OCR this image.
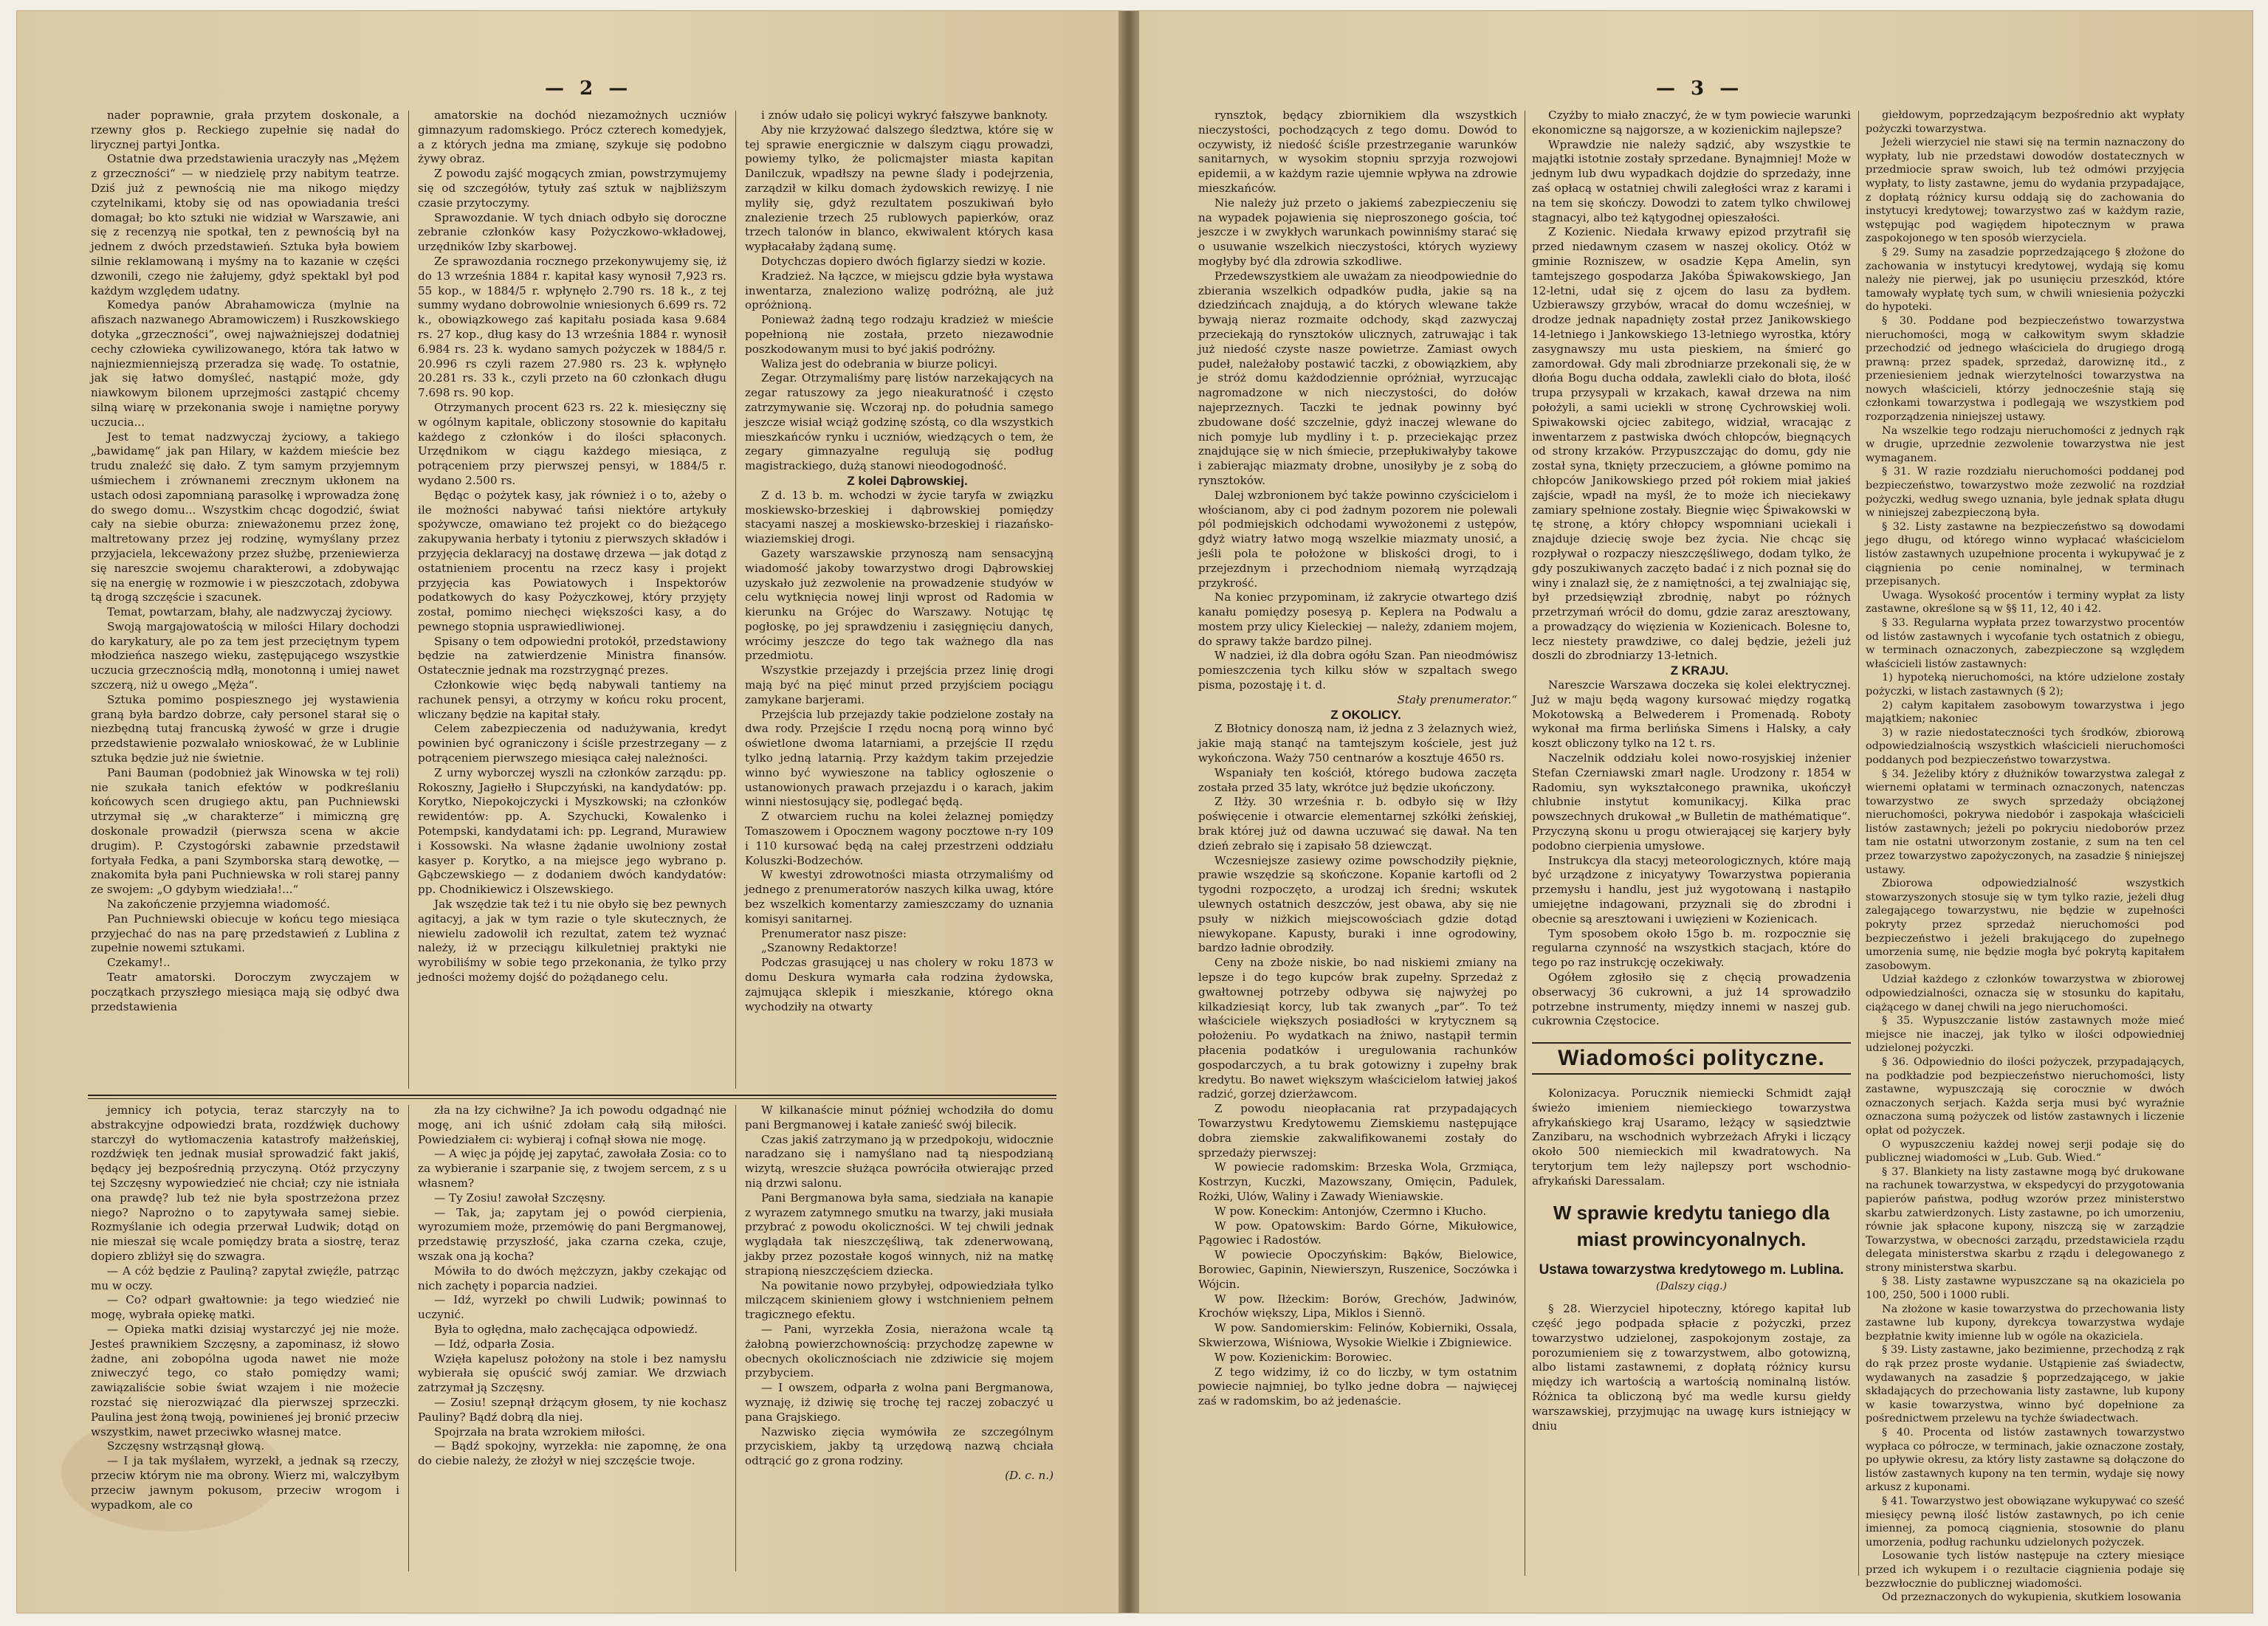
— 2 —

nader poprawnie, grała przytem doskonale, a rzewny głos p. Reckiego zupełnie się nadał do lirycznej partyi Jontka.

Ostatnie dwa przedstawienia uraczyły nas „Mężem z grzeczności“ — w niedzielę przy nabitym teatrze. Dziś już z pewnością nie ma nikogo między czytelnikami, ktoby się od nas opowiadania treści domagał; bo kto sztuki nie widział w Warszawie, ani się z recenzyą nie spotkał, ten z pewnością był na jednem z dwóch przedstawień. Sztuka była bowiem silnie reklamowaną i myśmy na to kazanie w części dzwonili, czego nie żałujemy, gdyż spektakl był pod każdym względem udatny.

Komedya panów Abrahamowicza (mylnie na afiszach nazwanego Abramowiczem) i Ruszkowskiego dotyka „grzeczności“, owej najważniejszej dodatniej cechy człowieka cywilizowanego, która tak łatwo w najniezmienniejszą przeradza się wadę. To ostatnie, jak się łatwo domyśleć, nastąpić może, gdy niawkowym bilonem uprzejmości zastąpić chcemy silną wiarę w przekonania swoje i namiętne porywy uczucia...

Jest to temat nadzwyczaj życiowy, a takiego „bawidamę“ jak pan Hilary, w każdem mieście bez trudu znaleźć się dało. Z tym samym przyjemnym uśmiechem i zrównanemi zrecznym ukłonem na ustach odosi zapomnianą parasolkę i wprowadza żonę do swego domu... Wszystkim chcąc dogodzić, świat cały na siebie oburza: znieważonemu przez żonę, maltretowany przez jej rodzinę, wymyślany przez przyjaciela, lekceważony przez służbę, przeniewierza się nareszcie swojemu charakterowi, a zdobywając się na energię w rozmowie i w pieszczotach, zdobywa tą drogą szczęście i szacunek.

Temat, powtarzam, błahy, ale nadzwyczaj życiowy.

Swoją margajowatością w milości Hilary dochodzi do karykatury, ale po za tem jest przeciętnym typem młodzieńca naszego wieku, zastępującego wszystkie uczucia grzecznością mdłą, monotonną i umiej nawet szczerą, niż u owego „Męża“.

Sztuka pomimo pospiesznego jej wystawienia graną była bardzo dobrze, cały personel starał się o niezbędną tutaj francuską żywość w grze i drugie przedstawienie pozwalało wnioskować, że w Lublinie sztuka będzie już nie świetnie.

Pani Bauman (podobnież jak Winowska w tej roli) nie szukała tanich efektów w podkreślaniu końcowych scen drugiego aktu, pan Puchniewski utrzymał się „w charakterze“ i mimiczną grę doskonale prowadził (pierwsza scena w akcie drugim). P. Czystogórski zabawnie przedstawił fortyała Fedka, a pani Szymborska starą dewotkę, — znakomita była pani Puchniewska w roli starej panny ze swojem: „O gdybym wiedziała!...“

Na zakończenie przyjemna wiadomość.

Pan Puchniewski obiecuje w końcu tego miesiąca przyjechać do nas na parę przedstawień z Lublina z zupełnie nowemi sztukami.

Czekamy!..

Teatr amatorski. Doroczym zwyczajem w początkach przyszłego miesiąca mają się odbyć dwa przedstawienia

amatorskie na dochód niezamożnych uczniów gimnazyum radomskiego. Prócz czterech komedyjek, a z których jedna ma zmianę, szykuje się podobno żywy obraz.

Z powodu zajść mogących zmian, powstrzymujemy się od szczegółów, tytuły zaś sztuk w najbliższym czasie przytoczymy.

Sprawozdanie. W tych dniach odbyło się doroczne zebranie członków kasy Pożyczkowo-wkładowej, urzędników Izby skarbowej.

Ze sprawozdania rocznego przekonywujemy się, iż do 13 września 1884 r. kapitał kasy wynosił 7,923 rs. 55 kop., w 1884/5 r. wpłynęło 2.790 rs. 18 k., z tej summy wydano dobrowolnie wniesionych 6.699 rs. 72 k., obowiązkowego zaś kapitału posiada kasa 9.684 rs. 27 kop., dług kasy do 13 września 1884 r. wynosił 6.984 rs. 23 k. wydano samych pożyczek w 1884/5 r. 20.996 rs czyli razem 27.980 rs. 23 k. wpłynęło 20.281 rs. 33 k., czyli przeto na 60 członkach długu 7.698 rs. 90 kop.

Otrzymanych procent 623 rs. 22 k. miesięczny się w ogólnym kapitale, obliczony stosownie do kapitału każdego z członków i do ilości spłaconych. Urzędnikom w ciągu każdego miesiąca, z potrąceniem przy pierwszej pensyi, w 1884/5 r. wydano 2.500 rs.

Będąc o pożytek kasy, jak również i o to, ażeby o ile możności nabywać tańsi niektóre artykuły spożywcze, omawiano też projekt co do bieżącego zakupywania herbaty i tytoniu z pierwszych składów i przyjęcia deklaracyj na dostawę drzewa — jak dotąd z ostatnieniem procentu na rzecz kasy i projekt przyjęcia kas Powiatowych i Inspektorów podatkowych do kasy Pożyczkowej, który przyjęty został, pomimo niechęci większości kasy, a do pewnego stopnia usprawiedliwionej.

Spisany o tem odpowiedni protokół, przedstawiony będzie na zatwierdzenie Ministra finansów. Ostatecznie jednak ma rozstrzygnąć prezes.

Członkowie więc będą nabywali tantiemy na rachunek pensyi, a otrzymy w końcu roku procent, wliczany będzie na kapitał stały.

Celem zabezpieczenia od nadużywania, kredyt powinien być ograniczony i ściśle przestrzegany — z potrąceniem pierwszego miesiąca całej należności.

Z urny wyborczej wyszli na członków zarządu: pp. Rokoszny, Jagiełło i Słupczyński, na kandydatów: pp. Korytko, Niepokojczycki i Myszkowski; na członków rewidentów: pp. A. Szychucki, Kowalenko i Potempski, kandydatami ich: pp. Legrand, Murawiew i Kossowski. Na własne żądanie uwolniony został kasyer p. Korytko, a na miejsce jego wybrano p. Gąbczewskiego — z dodaniem dwóch kandydatów: pp. Chodnikiewicz i Olszewskiego.

Jak wszędzie tak też i tu nie obyło się bez pewnych agitacyj, a jak w tym razie o tyle skutecznych, że niewielu zadowolił ich rezultat, zatem też wyznać należy, iż w przeciągu kilkuletniej praktyki nie wyrobiliśmy w sobie tego przekonania, że tylko przy jedności możemy dojść do pożądanego celu.

i znów udało się policyi wykryć fałszywe banknoty.

Aby nie krzyżować dalszego śledztwa, które się w tej sprawie energicznie w dalszym ciągu prowadzi, powiemy tylko, że policmajster miasta kapitan Danilczuk, wpadłszy na pewne ślady i podejrzenia, zarządził w kilku domach żydowskich rewizyę. I nie myliły się, gdyż rezultatem poszukiwań było znalezienie trzech 25 rublowych papierków, oraz trzech talonów in blanco, ekwiwalent których kasa wypłacałaby żądaną sumę.

Dotychczas dopiero dwóch figlarzy siedzi w kozie.

Kradzież. Na łączce, w miejscu gdzie była wystawa inwentarza, znaleziono walizę podróżną, ale już opróżnioną.

Ponieważ żadną tego rodzaju kradzież w mieście popełnioną nie została, przeto niezawodnie poszkodowanym musi to być jakiś podróżny.

Waliza jest do odebrania w biurze policyi.

Zegar. Otrzymaliśmy parę listów narzekających na zegar ratuszowy za jego nieakuratność i często zatrzymywanie się. Wczoraj np. do południa samego jeszcze wisiał wciąż godzinę szóstą, co dla wszystkich mieszkańców rynku i uczniów, wiedzących o tem, że zegary gimnazyalne regulują się podług magistrackiego, dużą stanowi nieodogodność.

Z kolei Dąbrowskiej.

Z d. 13 b. m. wchodzi w życie taryfa w związku moskiewsko-brzeskiej i dąbrowskiej pomiędzy stacyami naszej a moskiewsko-brzeskiej i riazańsko-wiaziemskiej drogi.

Gazety warszawskie przynoszą nam sensacyjną wiadomość jakoby towarzystwo drogi Dąbrowskiej uzyskało już zezwolenie na prowadzenie studyów w celu wytknięcia nowej linji wprost od Radomia w kierunku na Grójec do Warszawy. Notując tę pogłoskę, po jej sprawdzeniu i zasięgnięciu danych, wrócimy jeszcze do tego tak ważnego dla nas przedmiotu.

Wszystkie przejazdy i przejścia przez linię drogi mają być na pięć minut przed przyjściem pociągu zamykane barjerami.

Przejścia lub przejazdy takie podzielone zostały na dwa rody. Przejście I rzędu nocną porą winno być oświetlone dwoma latarniami, a przejście II rzędu tylko jedną latarnią. Przy każdym takim przejedzie winno być wywieszone na tablicy ogłoszenie o ustanowionych prawach przejazdu i o karach, jakim winni niestosujący się, podlegać będą.

Z otwarciem ruchu na kolei żelaznej pomiędzy Tomaszowem i Opocznem wagony pocztowe n-ry 109 i 110 kursować będą na całej przestrzeni oddziału Koluszki-Bodzechów.

W kwestyi zdrowotności miasta otrzymaliśmy od jednego z prenumeratorów naszych kilka uwag, które bez wszelkich komentarzy zamieszczamy do uznania komisyi sanitarnej.

Prenumerator nasz pisze:

„Szanowny Redaktorze!

Podczas grasującej u nas cholery w roku 1873 w domu Deskura wymarła cała rodzina żydowska, zajmująca sklepik i mieszkanie, którego okna wychodziły na otwarty

jemnicy ich potycia, teraz starczyły na to abstrakcyjne odpowiedzi brata, rozdźwięk duchowy starczył do wytłomaczenia katastrofy małżeńskiej, rozdźwięk ten jednak musiał sprowadzić fakt jakiś, będący jej bezpośrednią przyczyną. Otóż przyczyny tej Szczęsny wypowiedzieć nie chciał; czy nie istniała ona prawdę? lub też nie była spostrzeżona przez niego? Naprożno o to zapytywała samej siebie. Rozmyślanie ich odegia przerwał Ludwik; dotąd on nie mieszał się wcale pomiędzy brata a siostrę, teraz dopiero zbliżył się do szwagra.

— A cóż będzie z Pauliną? zapytał zwięźle, patrząc mu w oczy.

— Co? odparł gwałtownie: ja tego wiedzieć nie mogę, wybrała opiekę matki.

— Opieka matki dzisiaj wystarczyć jej nie może. Jesteś prawnikiem Szczęsny, a zapominasz, iż słowo żadne, ani zobopólna ugoda nawet nie może zniweczyć tego, co stało pomiędzy wami; zawiązaliście sobie świat wzajem i nie możecie rozstać się nierozwiązać dla pierwszej sprzeczki. Paulina jest żoną twoją, powinieneś jej bronić przeciw wszystkim, nawet przeciwko własnej matce.

Szczęsny wstrząsnął głową.

— I ja tak myślałem, wyrzekł, a jednak są rzeczy, przeciw którym nie ma obrony. Wierz mi, walczyłbym przeciw jawnym pokusom, przeciw wrogom i wypadkom, ale co

zła na łzy cichwiłne? Ja ich powodu odgadnąć nie mogę, ani ich uśnić zdołam całą siłą miłości. Powiedziałem ci: wybieraj i cofnął słowa nie mogę.

— A więc ja pójdę jej zapytać, zawołała Zosia: co to za wybieranie i szarpanie się, z twojem sercem, z s u własnem?

— Ty Zosiu! zawołał Szczęsny.

— Tak, ja; zapytam jej o powód cierpienia, wyrozumiem może, przemówię do pani Bergmanowej, przedstawię przyszłość, jaka czarna czeka, czuje, wszak ona ją kocha?

Mówiła to do dwóch mężczyzn, jakby czekając od nich zachęty i poparcia nadziei.

— Idź, wyrzekł po chwili Ludwik; powinnaś to uczynić.

Była to ogłędna, mało zachęcająca odpowiedź.

— Idź, odparła Zosia.

Wzięła kapelusz położony na stole i bez namysłu wybierała się opuścić swój zamiar. We drzwiach zatrzymał ją Szczęsny.

— Zosiu! szepnął drżącym głosem, ty nie kochasz Pauliny? Bądź dobrą dla niej.

Spojrzała na brata wzrokiem miłości.

— Bądź spokojny, wyrzekła: nie zapomnę, że ona do ciebie należy, że złożył w niej szczęście twoje.

W kilkanaście minut później wchodziła do domu pani Bergmanowej i katałe zanieść swój bilecik.

Czas jakiś zatrzymano ją w przedpokoju, widocznie naradzano się i namyślano nad tą niespodzianą wizytą, wreszcie służąca powróciła otwierając przed nią drzwi salonu.

Pani Bergmanowa była sama, siedziała na kanapie z wyrazem zatymnego smutku na twarzy, jaki musiała przybrać z powodu okoliczności. W tej chwili jednak wyglądała tak nieszczęśliwą, tak zdenerwowaną, jakby przez pozostałe kogoś winnych, niż na matkę strapioną nieszczęściem dziecka.

Na powitanie nowo przybyłej, odpowiedziała tylko milczącem skinieniem głowy i wstchnieniem pełnem tragicznego efektu.

— Pani, wyrzekła Zosia, nierażona wcale tą żałobną powierzchownością: przychodzę zapewne w obecnych okolicznościach nie zdziwicie się mojem przybyciem.

— I owszem, odparła z wolna pani Bergmanowa, wyznaję, iż dziwię się trochę tej raczej zobaczyć u pana Grajskiego.

Nazwisko zięcia wymówiła ze szczególnym przyciskiem, jakby tą urzędową nazwą chciała odtrącić go z grona rodziny.

(D. c. n.)

— 3 —

rynsztok, będący zbiornikiem dla wszystkich nieczystości, pochodzących z tego domu. Dowód to oczywisty, iż niedość ściśle przestrzeganie warunków sanitarnych, w wysokim stopniu sprzyja rozwojowi epidemii, a w każdym razie ujemnie wpływa na zdrowie mieszkańców.

Nie należy już przeto o jakiemś zabezpieczeniu się na wypadek pojawienia się nieproszonego gościa, toć jeszcze i w zwykłych warunkach powinniśmy starać się o usuwanie wszelkich nieczystości, których wyziewy mogłyby być dla zdrowia szkodliwe.

Przedewszystkiem ale uważam za nieodpowiednie do zbierania wszelkich odpadków pudła, jakie są na dziedzińcach znajdują, a do których wlewane także bywają nieraz rozmaite odchody, skąd zazwyczaj przeciekają do rynsztoków ulicznych, zatruwając i tak już niedość czyste nasze powietrze. Zamiast owych pudeł, należałoby postawić taczki, z obowiązkiem, aby je stróż domu każdodziennie opróżniał, wyrzucając nagromadzone w nich nieczystości, do dołów najeprzeznych. Taczki te jednak powinny być zbudowane dość szczelnie, gdyż inaczej wlewane do nich pomyje lub mydliny i t. p. przeciekając przez znajdujące się w nich śmiecie, przepłukiwałyby takowe i zabierając miazmaty drobne, unosiłyby je z sobą do rynsztoków.

Dalej wzbronionem być także powinno czyścicielom i włościanom, aby ci pod żadnym pozorem nie polewali pól podmiejskich odchodami wywożonemi z ustępów, gdyż wiatry łatwo mogą wszelkie miazmaty unosić, a jeśli pola te położone w bliskości drogi, to i przejezdnym i przechodniom niemałą wyrządzają przykrość.

Na koniec przypominam, iż zakrycie otwartego dziś kanału pomiędzy posesyą p. Keplera na Podwalu a mostem przy ulicy Kieleckiej — należy, zdaniem mojem, do sprawy także bardzo pilnej.

W nadziei, iż dla dobra ogółu Szan. Pan nieodmówisz pomieszczenia tych kilku słów w szpaltach swego pisma, pozostaję i t. d.

Stały prenumerator.“

Z OKOLICY.

Z Błotnicy donoszą nam, iż jedna z 3 żelaznych wież, jakie mają stanąć na tamtejszym kościele, jest już wykończona. Waży 750 centnarów a kosztuje 4650 rs.

Wspaniały ten kościół, którego budowa zaczęta została przed 35 laty, wkrótce już będzie ukończony.

Z Iłży. 30 września r. b. odbyło się w Iłży poświęcenie i otwarcie elementarnej szkółki żeńskiej, brak której już od dawna uczuwać się dawał. Na ten dzień zebrało się i zapisało 58 dziewcząt.

Wczesniejsze zasiewy ozime powschodziły pięknie, prawie wszędzie są skończone. Kopanie kartofli od 2 tygodni rozpoczęto, a urodzaj ich średni; wskutek ulewnych ostatnich deszczów, jest obawa, aby się nie psuły w niżkich miejscowościach gdzie dotąd niewykopane. Kapusty, buraki i inne ogrodowiny, bardzo ładnie obrodziły.

Ceny na zboże niskie, bo nad niskiemi zmiany na lepsze i do tego kupców brak zupełny. Sprzedaż z gwałtownej potrzeby odbywa się najwyżej po kilkadziesiąt korcy, lub tak zwanych „par“. To też właściciele większych posiadłości w krytycznem są położeniu. Po wydatkach na żniwo, nastąpił termin płacenia podatków i uregulowania rachunków gospodarczych, a tu brak gotowizny i zupełny brak kredytu. Bo nawet większym właścicielom łatwiej jakoś radzić, gorzej dzierżawcom.

Z powodu nieopłacania rat przypadających Towarzystwu Kredytowemu Ziemskiemu następujące dobra ziemskie zakwalifikowanemi zostały do sprzedaży pierwszej:

W powiecie radomskim: Brzeska Wola, Grzmiąca, Kostrzyn, Kuczki, Mazowszany, Omięcin, Padulek, Rożki, Ulów, Waliny i Zawady Wieniawskie.

W pow. Koneckim: Antonjów, Czermno i Kłucho.

W pow. Opatowskim: Bardo Górne, Mikułowice, Pągowiec i Radostów.

W powiecie Opoczyńskim: Bąków, Bielowice, Borowiec, Gapinin, Niewierszyn, Ruszenice, Soczówka i Wójcin.

W pow. Iłżeckim: Borów, Grechów, Jadwinów, Krochów większy, Lipa, Miklos i Siennö.

W pow. Sandomierskim: Felinów, Kobierniki, Ossala, Skwierzowa, Wiśniowa, Wysokie Wielkie i Zbigniewice.

W pow. Kozienickim: Borowiec.

Z tego widzimy, iż co do liczby, w tym ostatnim powiecie najmniej, bo tylko jedne dobra — najwięcej zaś w radomskim, bo aż jedenaście.

Czyżby to miało znaczyć, że w tym powiecie warunki ekonomiczne są najgorsze, a w kozienickim najlepsze?

Wprawdzie nie należy sądzić, aby wszystkie te majątki istotnie zostały sprzedane. Bynajmniej! Może w jednym lub dwu wypadkach dojdzie do sprzedaży, inne zaś opłacą w ostatniej chwili zaległości wraz z karami i na tem się skończy. Dowodzi to zatem tylko chwilowej stagnacyi, albo też kątygodnej opieszałości.

Z Kozienic. Niedała krwawy epizod przytrafił się przed niedawnym czasem w naszej okolicy. Otóż w gminie Rozniszew, w osadzie Kępa Amelin, syn tamtejszego gospodarza Jakóba Śpiwakowskiego, Jan 12-letni, udał się z ojcem do lasu za bydłem. Uzbierawszy grzybów, wracał do domu wcześniej, w drodze jednak napadnięty został przez Janikowskiego 14-letniego i Jankowskiego 13-letniego wyrostka, który zasygnawszy mu usta pieskiem, na śmierć go zamordował. Gdy mali zbrodniarze przekonali się, że w dłońa Bogu ducha oddała, zawlekli ciało do błota, ilość trupa przysypali w krzakach, kawał drzewa na nim położyli, a sami uciekli w stronę Cychrowskiej woli. Spiwakowski ojciec zabitego, widział, wracając z inwentarzem z pastwiska dwóch chłopców, biegnących od strony krzaków. Przypuszczając do domu, gdy nie został syna, tknięty przeczuciem, a główne pomimo na chłopców Janikowskiego przed pół rokiem miał jakieś zajście, wpadł na myśl, że to może ich nieciekawy zamiary spełnione zostały. Biegnie więc Śpiwakowski w tę stronę, a który chłopcy wspomniani uciekali i znajduje dziecię swoje bez życia. Nie chcąc się rozpływał o rozpaczy nieszczęśliwego, dodam tylko, że gdy poszukiwanych zaczęto badać i z nich poznał się do winy i znalazł się, że z namiętności, a tej zwalniając się, był przedsięwziął zbrodnię, nabyt po różnych przetrzymań wrócił do domu, gdzie zaraz aresztowany, a prowadzący do więzienia w Kozienicach. Bolesne to, lecz niestety prawdziwe, co dalej będzie, jeżeli już doszli do zbrodniarzy 13-letnich.

Z KRAJU.

Nareszcie Warszawa doczeka się kolei elektrycznej. Już w maju będą wagony kursować między rogatką Mokotowską a Belwederem i Promenadą. Roboty wykonał ma firma berlińska Simens i Halsky, a cały koszt obliczony tylko na 12 t. rs.

Naczelnik oddziału kolei nowo-rosyjskiej inżenier Stefan Czerniawski zmarł nagle. Urodzony r. 1854 w Radomiu, syn wykształconego prawnika, ukończył chlubnie instytut komunikacyj. Kilka prac powszechnych drukował „w Bulletin de mathématique“. Przyczyną skonu u progu otwierającej się karjery były podobno cierpienia umysłowe.

Instrukcya dla stacyj meteorologicznych, które mają być urządzone z inicyatywy Towarzystwa popierania przemysłu i handlu, jest już wygotowaną i nastąpiło umiejętne indagowani, przyznali się do zbrodni i obecnie są aresztowani i uwięzieni w Kozienicach.

Tym sposobem około 15go b. m. rozpocznie się regularna czynność na wszystkich stacjach, które do tego po raz instrukcję oczekiwały.

Ogółem zgłosiło się z chęcią prowadzenia obserwacyj 36 cukrowni, a już 14 sprowadziło potrzebne instrumenty, między innemi w naszej gub. cukrownia Częstocice.

Wiadomości polityczne.

Kolonizacya. Porucznik niemiecki Schmidt zajął świeżo imieniem niemieckiego towarzystwa afrykańskiego kraj Usaramo, leżący w sąsiedztwie Zanzibaru, na wschodnich wybrzeżach Afryki i liczący około 500 niemieckich mil kwadratowych. Na terytorjum tem leży najlepszy port wschodnio-afrykański Daressalam.

W sprawie kredytu taniego dla miast prowincyonalnych.
Ustawa towarzystwa kredytowego m. Lublina.
(Dalszy ciąg.)

§ 28. Wierzyciel hipoteczny, którego kapitał lub część jego podpada spłacie z pożyczki, przez towarzystwo udzielonej, zaspokojonym zostaje, za porozumieniem się z towarzystwem, albo gotowizną, albo listami zastawnemi, z dopłatą różnicy kursu między ich wartością a wartością nominalną listów. Różnica ta obliczoną być ma wedle kursu giełdy warszawskiej, przyjmując na uwagę kurs istniejący w dniu

giełdowym, poprzedzającym bezpośrednio akt wypłaty pożyczki towarzystwa.

Jeżeli wierzyciel nie stawi się na termin naznaczony do wypłaty, lub nie przedstawi dowodów dostatecznych w przedmiocie spraw swoich, lub też odmówi przyjęcia wypłaty, to listy zastawne, jemu do wydania przypadające, z dopłatą różnicy kursu oddają się do zachowania do instytucyi kredytowej; towarzystwo zaś w każdym razie, wstępując pod wagiędem hipotecznym w prawa zaspokojonego w ten sposób wierzyciela.

§ 29. Sumy na zasadzie poprzedzającego § złożone do zachowania w instytucyi kredytowej, wydają się komu należy nie pierwej, jak po usunięciu przeszkód, które tamowały wypłatę tych sum, w chwili wniesienia pożyczki do hypoteki.

§ 30. Poddane pod bezpieczeństwo towarzystwa nieruchomości, mogą w całkowitym swym składzie przechodzić od jednego właściciela do drugiego drogą prawną: przez spadek, sprzedaż, darowiznę itd., z przeniesieniem jednak wierzytelności towarzystwa na nowych właścicieli, którzy jednocześnie stają się członkami towarzystwa i podlegają we wszystkiem pod rozporządzenia niniejszej ustawy.

Na wszelkie tego rodzaju nieruchomości z jednych rąk w drugie, uprzednie zezwolenie towarzystwa nie jest wymaganem.

§ 31. W razie rozdziału nieruchomości poddanej pod bezpieczeństwo, towarzystwo może zezwolić na rozdział pożyczki, według swego uznania, byle jednak spłata długu w niniejszej zabezpieczoną była.

§ 32. Listy zastawne na bezpieczeństwo są dowodami jego długu, od którego winno wypłacać właścicielom listów zastawnych uzupełnione procenta i wykupywać je z ciągnienia po cenie nominalnej, w terminach przepisanych.

Uwaga. Wysokość procentów i terminy wypłat za listy zastawne, określone są w §§ 11, 12, 40 i 42.

§ 33. Regularna wypłata przez towarzystwo procentów od listów zastawnych i wycofanie tych ostatnich z obiegu, w terminach oznaczonych, zabezpieczone są względem właścicieli listów zastawnych:

1) hypoteką nieruchomości, na które udzielone zostały pożyczki, w listach zastawnych (§ 2);

2) całym kapitałem zasobowym towarzystwa i jego majątkiem; nakoniec

3) w razie niedostateczności tych środków, zbiorową odpowiedzialnością wszystkich właścicieli nieruchomości poddanych pod bezpieczeństwo towarzystwa.

§ 34. Jeżeliby który z dłużników towarzystwa zalegał z wiernemi opłatami w terminach oznaczonych, natenczas towarzystwo ze swych sprzedaży obciążonej nieruchomości, pokrywa niedobór i zaspokaja właścicieli listów zastawnych; jeżeli po pokryciu niedoborów przez tam nie ostatni utworzonym zostanie, z sum na ten cel przez towarzystwo zapożyczonych, na zasadzie § niniejszej ustawy.

Zbiorowa odpowiedzialność wszystkich stowarzyszonych stosuje się w tym tylko razie, jeżeli dług zalegającego towarzystwu, nie będzie w zupełności pokryty przez sprzedaż nieruchomości pod bezpieczeństwo i jeżeli brakującego do zupełnego umorzenia sumę, nie będzie mogła być pokrytą kapitałem zasobowym.

Udział każdego z członków towarzystwa w zbiorowej odpowiedzialności, oznacza się w stosunku do kapitału, ciążącego w danej chwili na jego nieruchomości.

§ 35. Wypuszczanie listów zastawnych może mieć miejsce nie inaczej, jak tylko w ilości odpowiedniej udzielonej pożyczki.

§ 36. Odpowiednio do ilości pożyczek, przypadających, na podkładzie pod bezpieczeństwo nieruchomości, listy zastawne, wypuszczają się corocznie w dwóch oznaczonych serjach. Każda serja musi być wyraźnie oznaczona sumą pożyczek od listów zastawnych i liczenie opłat od pożyczek.

O wypuszczeniu każdej nowej serji podaje się do publicznej wiadomości w „Lub. Gub. Wied.“

§ 37. Blankiety na listy zastawne mogą być drukowane na rachunek towarzystwa, w ekspedycyi do przygotowania papierów państwa, podług wzorów przez ministerstwo skarbu zatwierdzonych. Listy zastawne, po ich umorzeniu, równie jak spłacone kupony, niszczą się w zarządzie Towarzystwa, w obecności zarządu, przedstawiciela rządu delegata ministerstwa skarbu z rządu i delegowanego z strony ministerstwa skarbu.

§ 38. Listy zastawne wypuszczane są na okaziciela po 100, 250, 500 i 1000 rubli.

Na złożone w kasie towarzystwa do przechowania listy zastawne lub kupony, dyrekcya towarzystwa wydaje bezpłatnie kwity imienne lub w ogóle na okaziciela.

§ 39. Listy zastawne, jako bezimienne, przechodzą z rąk do rąk przez proste wydanie. Ustąpienie zaś świadectw, wydawanych na zasadzie § poprzedzającego, w jakie składających do przechowania listy zastawne, lub kupony w kasie towarzystwa, winno być dopełnione za pośrednictwem przelewu na tychże świadectwach.

§ 40. Procenta od listów zastawnych towarzystwo wypłaca co półrocze, w terminach, jakie oznaczone zostały, po upływie okresu, za który listy zastawne są dołączone do listów zastawnych kupony na ten termin, wydaje się nowy arkusz z kuponami.

§ 41. Towarzystwo jest obowiązane wykupywać co sześć miesięcy pewną ilość listów zastawnych, po ich cenie imiennej, za pomocą ciągnienia, stosownie do planu umorzenia, podług rachunku udzielonych pożyczek.

Losowanie tych listów następuje na cztery miesiące przed ich wykupem i o rezultacie ciągnienia podaje się bezzwłocznie do publicznej wiadomości.

Od przeznaczonych do wykupienia, skutkiem losowania
